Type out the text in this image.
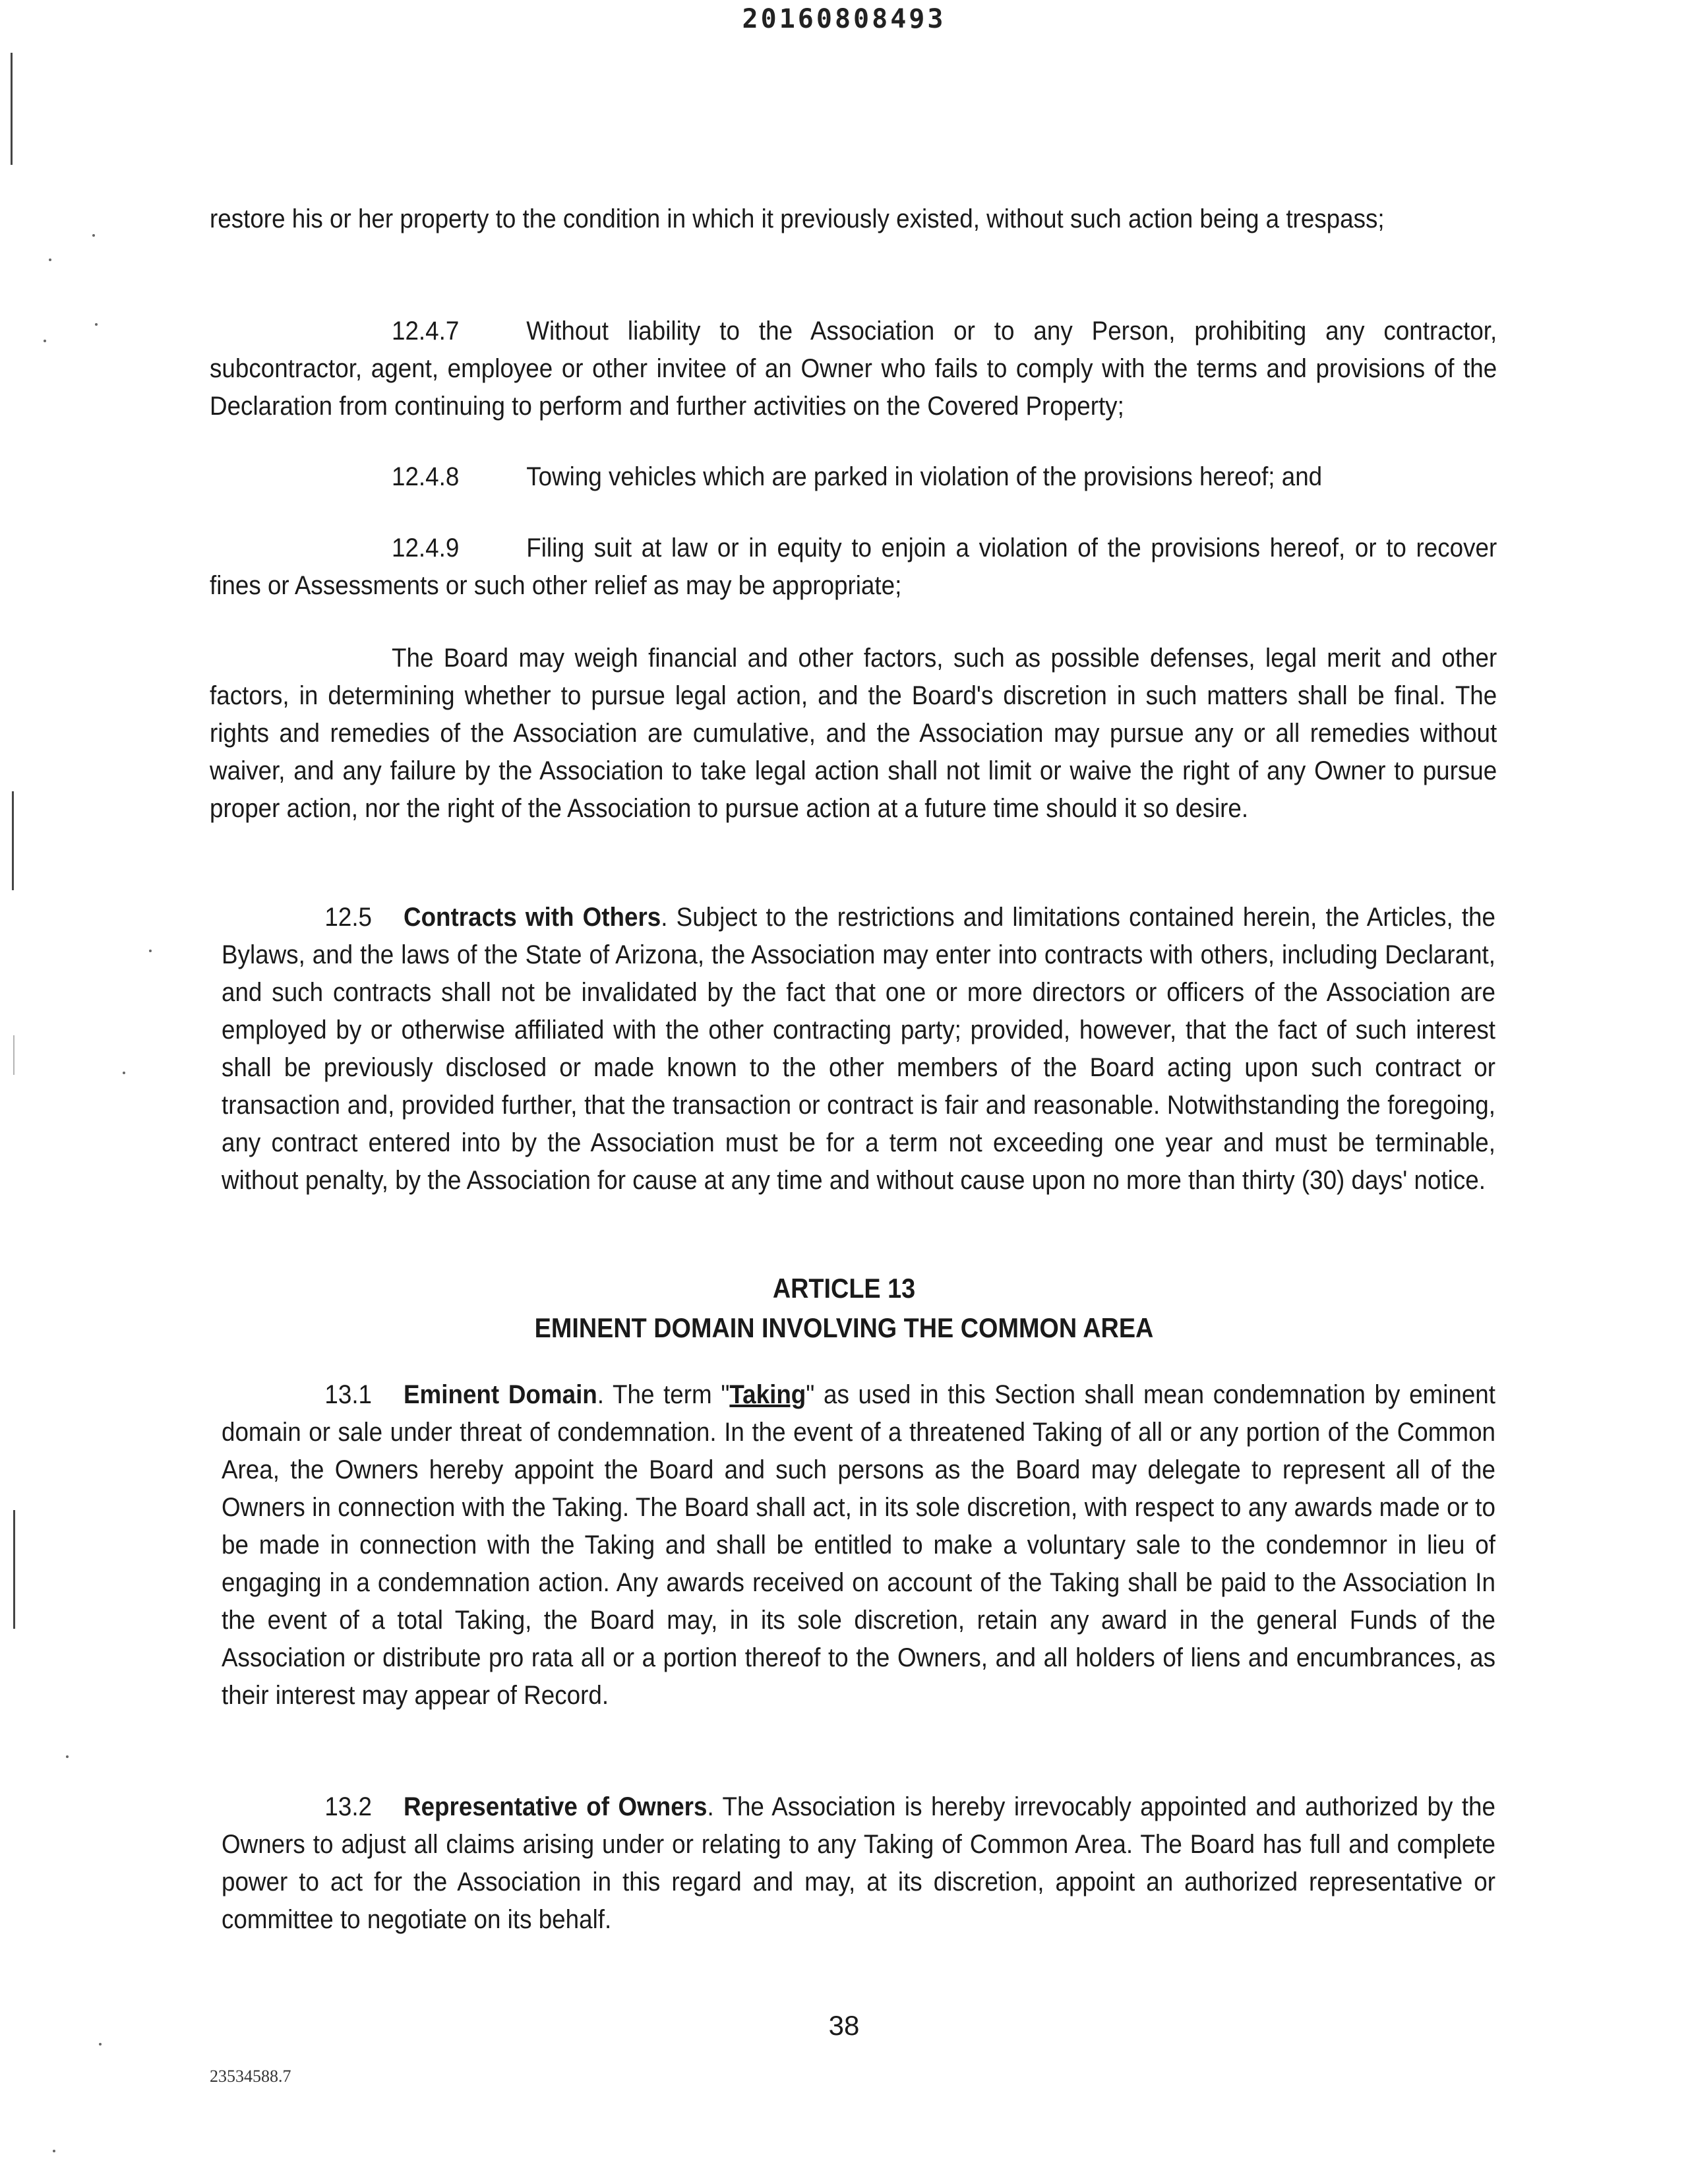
20160808493

restore his or her property to the condition in which it previously existed, without such action being a trespass;

12.4.7	Without liability to the Association or to any Person, prohibiting any contractor, subcontractor, agent, employee or other invitee of an Owner who fails to comply with the terms and provisions of the Declaration from continuing to perform and further activities on the Covered Property;

12.4.8	Towing vehicles which are parked in violation of the provisions hereof; and

12.4.9	Filing suit at law or in equity to enjoin a violation of the provisions hereof, or to recover fines or Assessments or such other relief as may be appropriate;

The Board may weigh financial and other factors, such as possible defenses, legal merit and other factors, in determining whether to pursue legal action, and the Board's discretion in such matters shall be final. The rights and remedies of the Association are cumulative, and the Association may pursue any or all remedies without waiver, and any failure by the Association to take legal action shall not limit or waive the right of any Owner to pursue proper action, nor the right of the Association to pursue action at a future time should it so desire.

12.5 Contracts with Others. Subject to the restrictions and limitations contained herein, the Articles, the Bylaws, and the laws of the State of Arizona, the Association may enter into contracts with others, including Declarant, and such contracts shall not be invalidated by the fact that one or more directors or officers of the Association are employed by or otherwise affiliated with the other contracting party; provided, however, that the fact of such interest shall be previously disclosed or made known to the other members of the Board acting upon such contract or transaction and, provided further, that the transaction or contract is fair and reasonable. Notwithstanding the foregoing, any contract entered into by the Association must be for a term not exceeding one year and must be terminable, without penalty, by the Association for cause at any time and without cause upon no more than thirty (30) days' notice.

ARTICLE 13
EMINENT DOMAIN INVOLVING THE COMMON AREA

13.1 Eminent Domain. The term "Taking" as used in this Section shall mean condemnation by eminent domain or sale under threat of condemnation. In the event of a threatened Taking of all or any portion of the Common Area, the Owners hereby appoint the Board and such persons as the Board may delegate to represent all of the Owners in connection with the Taking. The Board shall act, in its sole discretion, with respect to any awards made or to be made in connection with the Taking and shall be entitled to make a voluntary sale to the condemnor in lieu of engaging in a condemnation action. Any awards received on account of the Taking shall be paid to the Association In the event of a total Taking, the Board may, in its sole discretion, retain any award in the general Funds of the Association or distribute pro rata all or a portion thereof to the Owners, and all holders of liens and encumbrances, as their interest may appear of Record.

13.2 Representative of Owners. The Association is hereby irrevocably appointed and authorized by the Owners to adjust all claims arising under or relating to any Taking of Common Area. The Board has full and complete power to act for the Association in this regard and may, at its discretion, appoint an authorized representative or committee to negotiate on its behalf.

38
23534588.7
